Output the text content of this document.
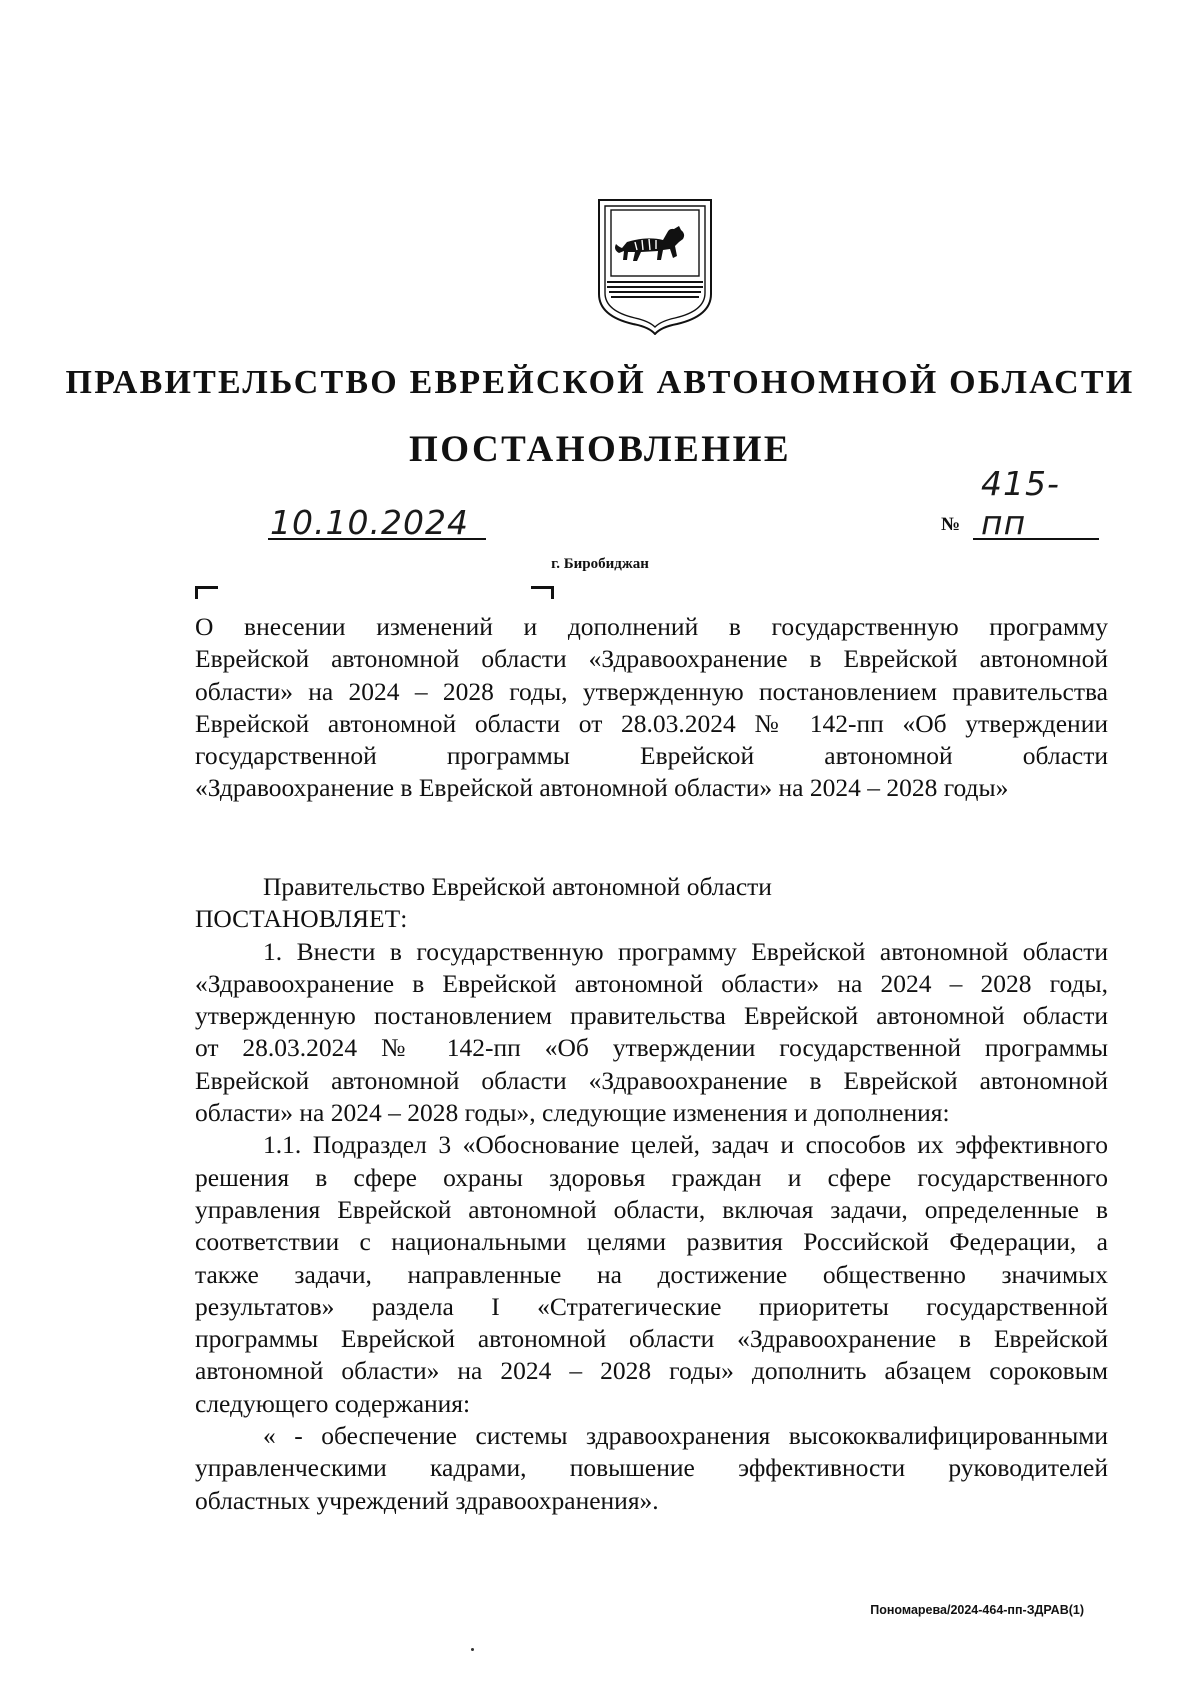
ПРАВИТЕЛЬСТВО ЕВРЕЙСКОЙ АВТОНОМНОЙ ОБЛАСТИ
ПОСТАНОВЛЕНИЕ
10.10.2024	№
415-пп
г. Биробиджан
О внесении изменений и дополнений в государственную программу
Еврейской автономной области «Здравоохранение в Еврейской автономной
области» на 2024 – 2028 годы, утвержденную постановлением правительства
Еврейской автономной области от 28.03.2024 № 142-пп «Об утверждении
государственной программы Еврейской автономной области
«Здравоохранение в Еврейской автономной области» на 2024 – 2028 годы»
Правительство Еврейской автономной области
ПОСТАНОВЛЯЕТ:
1. Внести в государственную программу Еврейской автономной области
«Здравоохранение в Еврейской автономной области» на 2024 – 2028 годы,
утвержденную постановлением правительства Еврейской автономной области
от 28.03.2024 № 142-пп «Об утверждении государственной программы
Еврейской автономной области «Здравоохранение в Еврейской автономной
области» на 2024 – 2028 годы», следующие изменения и дополнения:
1.1. Подраздел 3 «Обоснование целей, задач и способов их эффективного
решения в сфере охраны здоровья граждан и сфере государственного
управления Еврейской автономной области, включая задачи, определенные в
соответствии с национальными целями развития Российской Федерации, а
также задачи, направленные на достижение общественно значимых
результатов» раздела I «Стратегические приоритеты государственной
программы Еврейской автономной области «Здравоохранение в Еврейской
автономной области» на 2024 – 2028 годы» дополнить абзацем сороковым
следующего содержания:
« - обеспечение системы здравоохранения высококвалифицированными
управленческими кадрами, повышение эффективности руководителей
областных учреждений здравоохранения».
Пономарева/2024-464-пп-ЗДРАВ(1)
